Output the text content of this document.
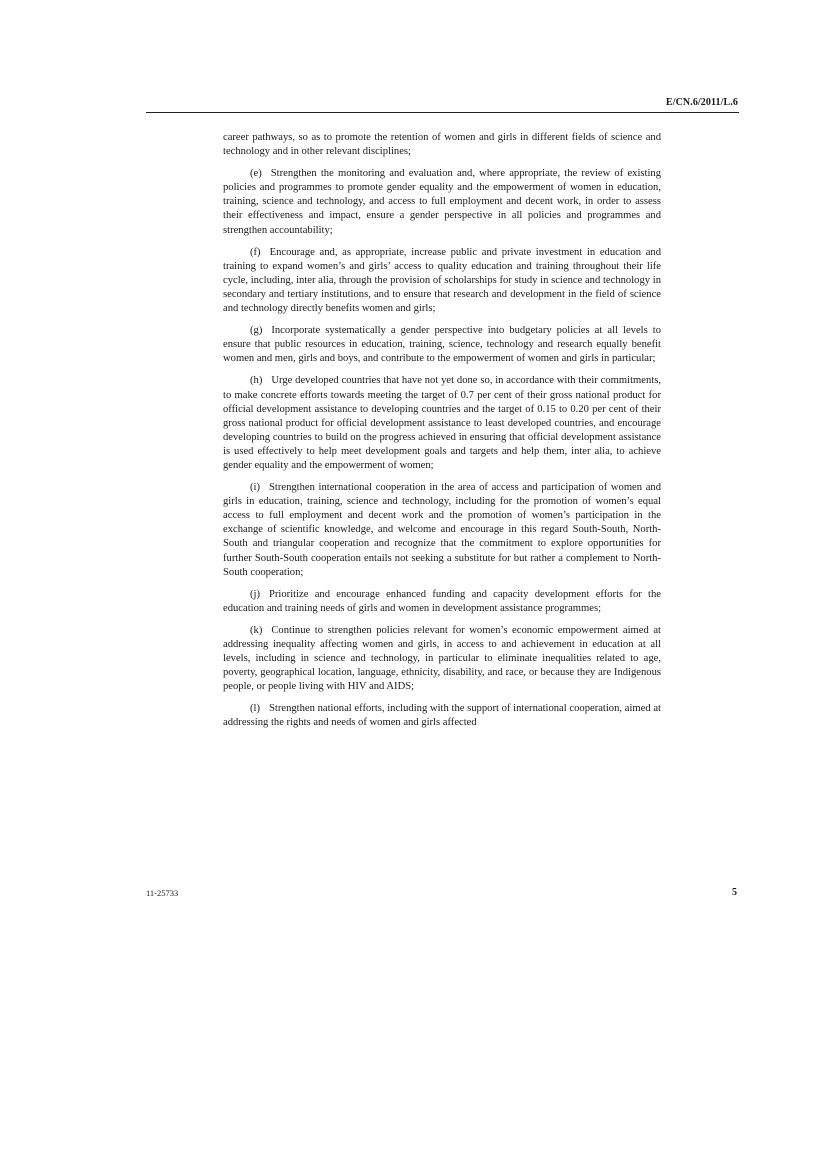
E/CN.6/2011/L.6

career pathways, so as to promote the retention of women and girls in different fields of science and technology and in other relevant disciplines;

(e) Strengthen the monitoring and evaluation and, where appropriate, the review of existing policies and programmes to promote gender equality and the empowerment of women in education, training, science and technology, and access to full employment and decent work, in order to assess their effectiveness and impact, ensure a gender perspective in all policies and programmes and strengthen accountability;

(f) Encourage and, as appropriate, increase public and private investment in education and training to expand women’s and girls’ access to quality education and training throughout their life cycle, including, inter alia, through the provision of scholarships for study in science and technology in secondary and tertiary institutions, and to ensure that research and development in the field of science and technology directly benefits women and girls;

(g) Incorporate systematically a gender perspective into budgetary policies at all levels to ensure that public resources in education, training, science, technology and research equally benefit women and men, girls and boys, and contribute to the empowerment of women and girls in particular;

(h) Urge developed countries that have not yet done so, in accordance with their commitments, to make concrete efforts towards meeting the target of 0.7 per cent of their gross national product for official development assistance to developing countries and the target of 0.15 to 0.20 per cent of their gross national product for official development assistance to least developed countries, and encourage developing countries to build on the progress achieved in ensuring that official development assistance is used effectively to help meet development goals and targets and help them, inter alia, to achieve gender equality and the empowerment of women;

(i) Strengthen international cooperation in the area of access and participation of women and girls in education, training, science and technology, including for the promotion of women’s equal access to full employment and decent work and the promotion of women’s participation in the exchange of scientific knowledge, and welcome and encourage in this regard South-South, North-South and triangular cooperation and recognize that the commitment to explore opportunities for further South-South cooperation entails not seeking a substitute for but rather a complement to North-South cooperation;

(j) Prioritize and encourage enhanced funding and capacity development efforts for the education and training needs of girls and women in development assistance programmes;

(k) Continue to strengthen policies relevant for women’s economic empowerment aimed at addressing inequality affecting women and girls, in access to and achievement in education at all levels, including in science and technology, in particular to eliminate inequalities related to age, poverty, geographical location, language, ethnicity, disability, and race, or because they are Indigenous people, or people living with HIV and AIDS;

(l) Strengthen national efforts, including with the support of international cooperation, aimed at addressing the rights and needs of women and girls affected

11-25733	5
